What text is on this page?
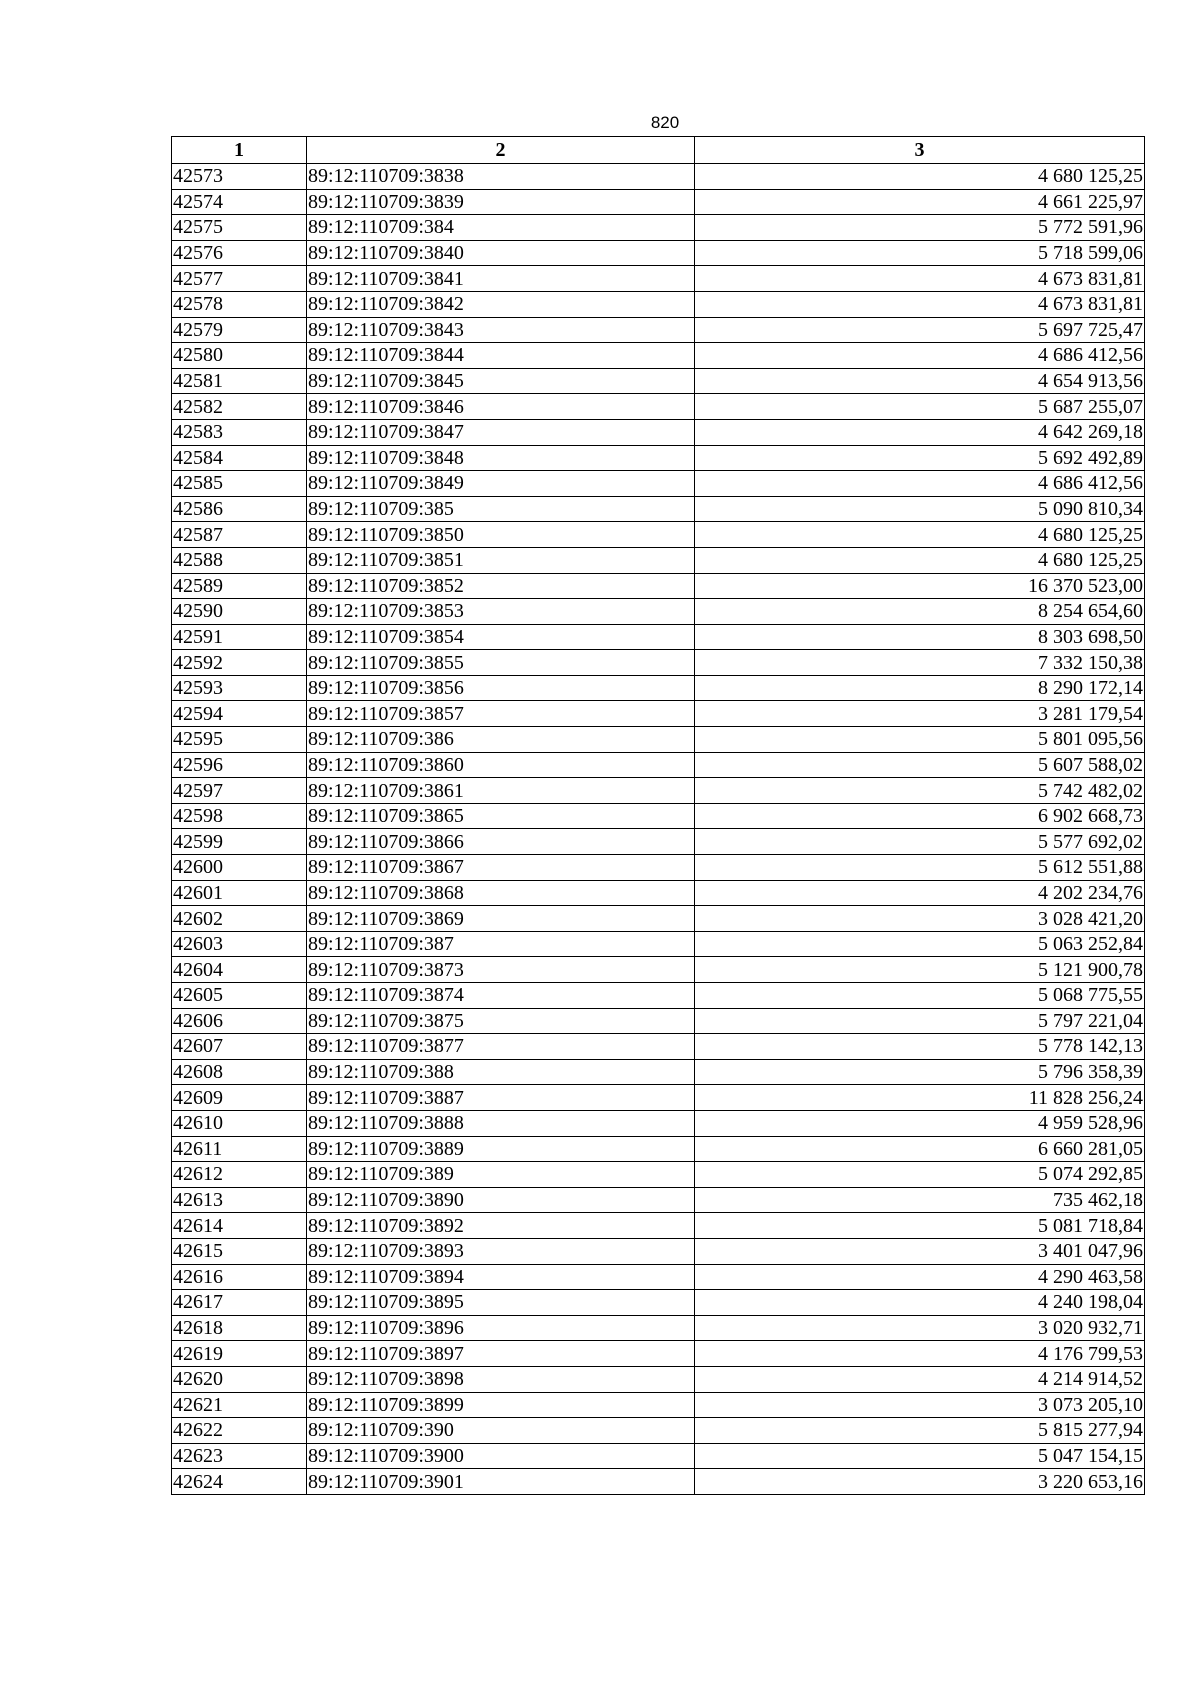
820
1	2	3
42573	89:12:110709:3838	4 680 125,25
42574	89:12:110709:3839	4 661 225,97
42575	89:12:110709:384	5 772 591,96
42576	89:12:110709:3840	5 718 599,06
42577	89:12:110709:3841	4 673 831,81
42578	89:12:110709:3842	4 673 831,81
42579	89:12:110709:3843	5 697 725,47
42580	89:12:110709:3844	4 686 412,56
42581	89:12:110709:3845	4 654 913,56
42582	89:12:110709:3846	5 687 255,07
42583	89:12:110709:3847	4 642 269,18
42584	89:12:110709:3848	5 692 492,89
42585	89:12:110709:3849	4 686 412,56
42586	89:12:110709:385	5 090 810,34
42587	89:12:110709:3850	4 680 125,25
42588	89:12:110709:3851	4 680 125,25
42589	89:12:110709:3852	16 370 523,00
42590	89:12:110709:3853	8 254 654,60
42591	89:12:110709:3854	8 303 698,50
42592	89:12:110709:3855	7 332 150,38
42593	89:12:110709:3856	8 290 172,14
42594	89:12:110709:3857	3 281 179,54
42595	89:12:110709:386	5 801 095,56
42596	89:12:110709:3860	5 607 588,02
42597	89:12:110709:3861	5 742 482,02
42598	89:12:110709:3865	6 902 668,73
42599	89:12:110709:3866	5 577 692,02
42600	89:12:110709:3867	5 612 551,88
42601	89:12:110709:3868	4 202 234,76
42602	89:12:110709:3869	3 028 421,20
42603	89:12:110709:387	5 063 252,84
42604	89:12:110709:3873	5 121 900,78
42605	89:12:110709:3874	5 068 775,55
42606	89:12:110709:3875	5 797 221,04
42607	89:12:110709:3877	5 778 142,13
42608	89:12:110709:388	5 796 358,39
42609	89:12:110709:3887	11 828 256,24
42610	89:12:110709:3888	4 959 528,96
42611	89:12:110709:3889	6 660 281,05
42612	89:12:110709:389	5 074 292,85
42613	89:12:110709:3890	735 462,18
42614	89:12:110709:3892	5 081 718,84
42615	89:12:110709:3893	3 401 047,96
42616	89:12:110709:3894	4 290 463,58
42617	89:12:110709:3895	4 240 198,04
42618	89:12:110709:3896	3 020 932,71
42619	89:12:110709:3897	4 176 799,53
42620	89:12:110709:3898	4 214 914,52
42621	89:12:110709:3899	3 073 205,10
42622	89:12:110709:390	5 815 277,94
42623	89:12:110709:3900	5 047 154,15
42624	89:12:110709:3901	3 220 653,16
